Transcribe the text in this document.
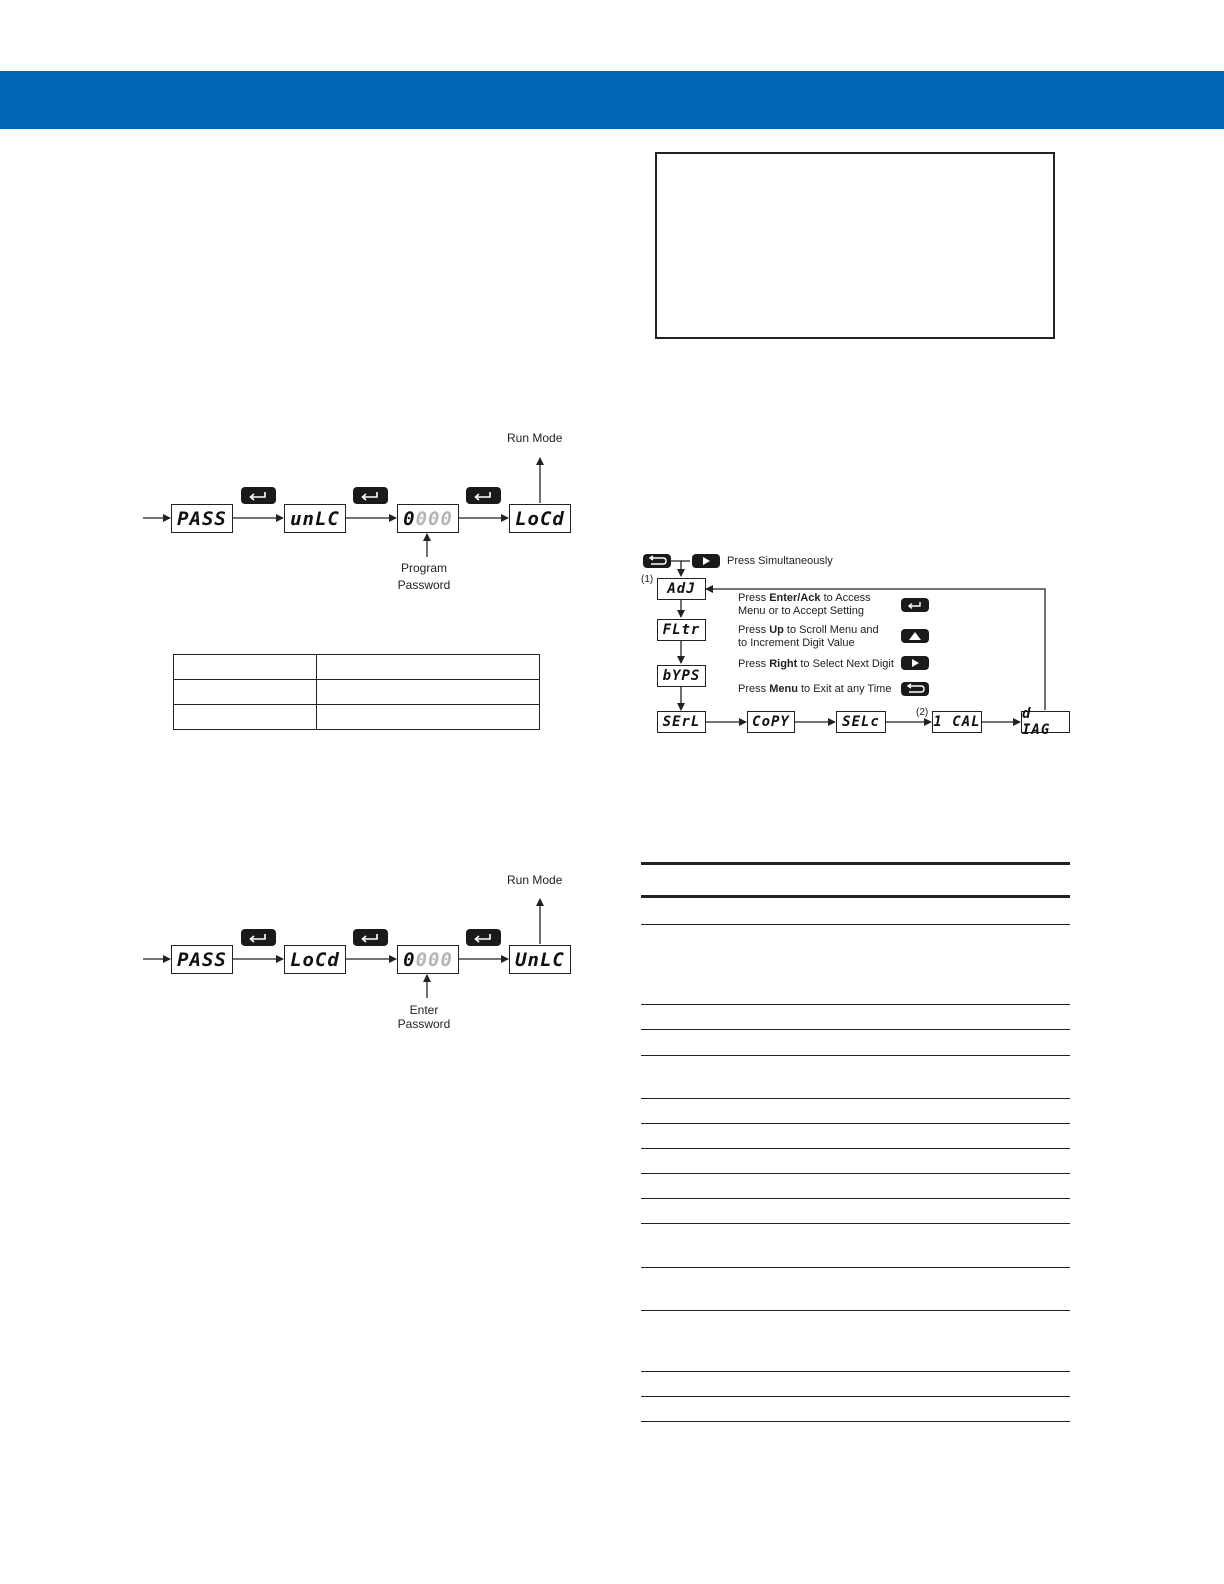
Run Mode
PASS	unLC	0000	LoCd
Program
Password

Run Mode
PASS	LoCd	0000	UnLC
Enter
Password
Press Simultaneously
(1)
(2)
AdJ
FLtr
bYPS
SErL	CoPY	SELc	1 CAL	d IAG
Press Enter/Ack to Access
Menu or to Accept Setting
Press Up to Scroll Menu and
to Increment Digit Value
Press Right to Select Next Digit
Press Menu to Exit at any Time
